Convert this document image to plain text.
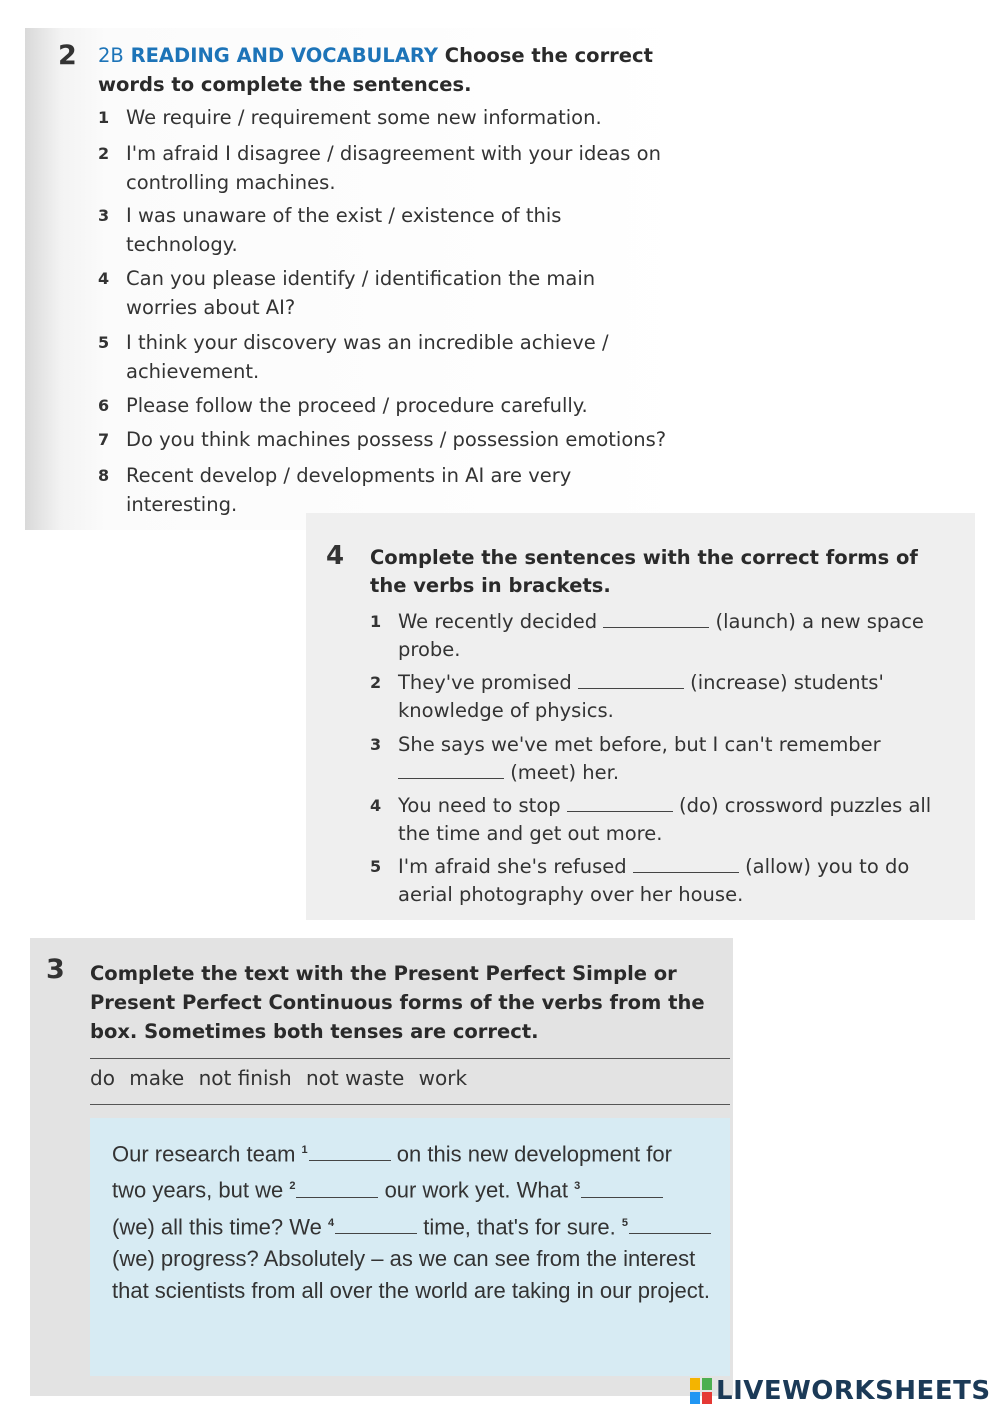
2 2B READING AND VOCABULARY Choose the correct words to complete the sentences.
1 We require / requirement some new information.
2 I'm afraid I disagree / disagreement with your ideas on controlling machines.
3 I was unaware of the exist / existence of this technology.
4 Can you please identify / identification the main worries about AI?
5 I think your discovery was an incredible achieve / achievement.
6 Please follow the proceed / procedure carefully.
7 Do you think machines possess / possession emotions?
8 Recent develop / developments in AI are very interesting.
4 Complete the sentences with the correct forms of the verbs in brackets.
1 We recently decided	(launch) a new space probe.
2 They've promised	(increase) students' knowledge of physics.
3 She says we've met before, but I can't remember  (meet) her.
4 You need to stop	(do) crossword puzzles all the time and get out more.
5 I'm afraid she's refused	(allow) you to do aerial photography over her house.
3 Complete the text with the Present Perfect Simple or Present Perfect Continuous forms of the verbs from the box. Sometimes both tenses are correct.
do make not finish not waste work
Our research team $^1$	on this new development for two years, but we $^2$	our work yet. What $^3$ (we) all this time? We $^4$	time, that's for sure. $^5$ (we) progress? Absolutely – as we can see from the interest that scientists from all over the world are taking in our project.
LIVEWORKSHEETS
